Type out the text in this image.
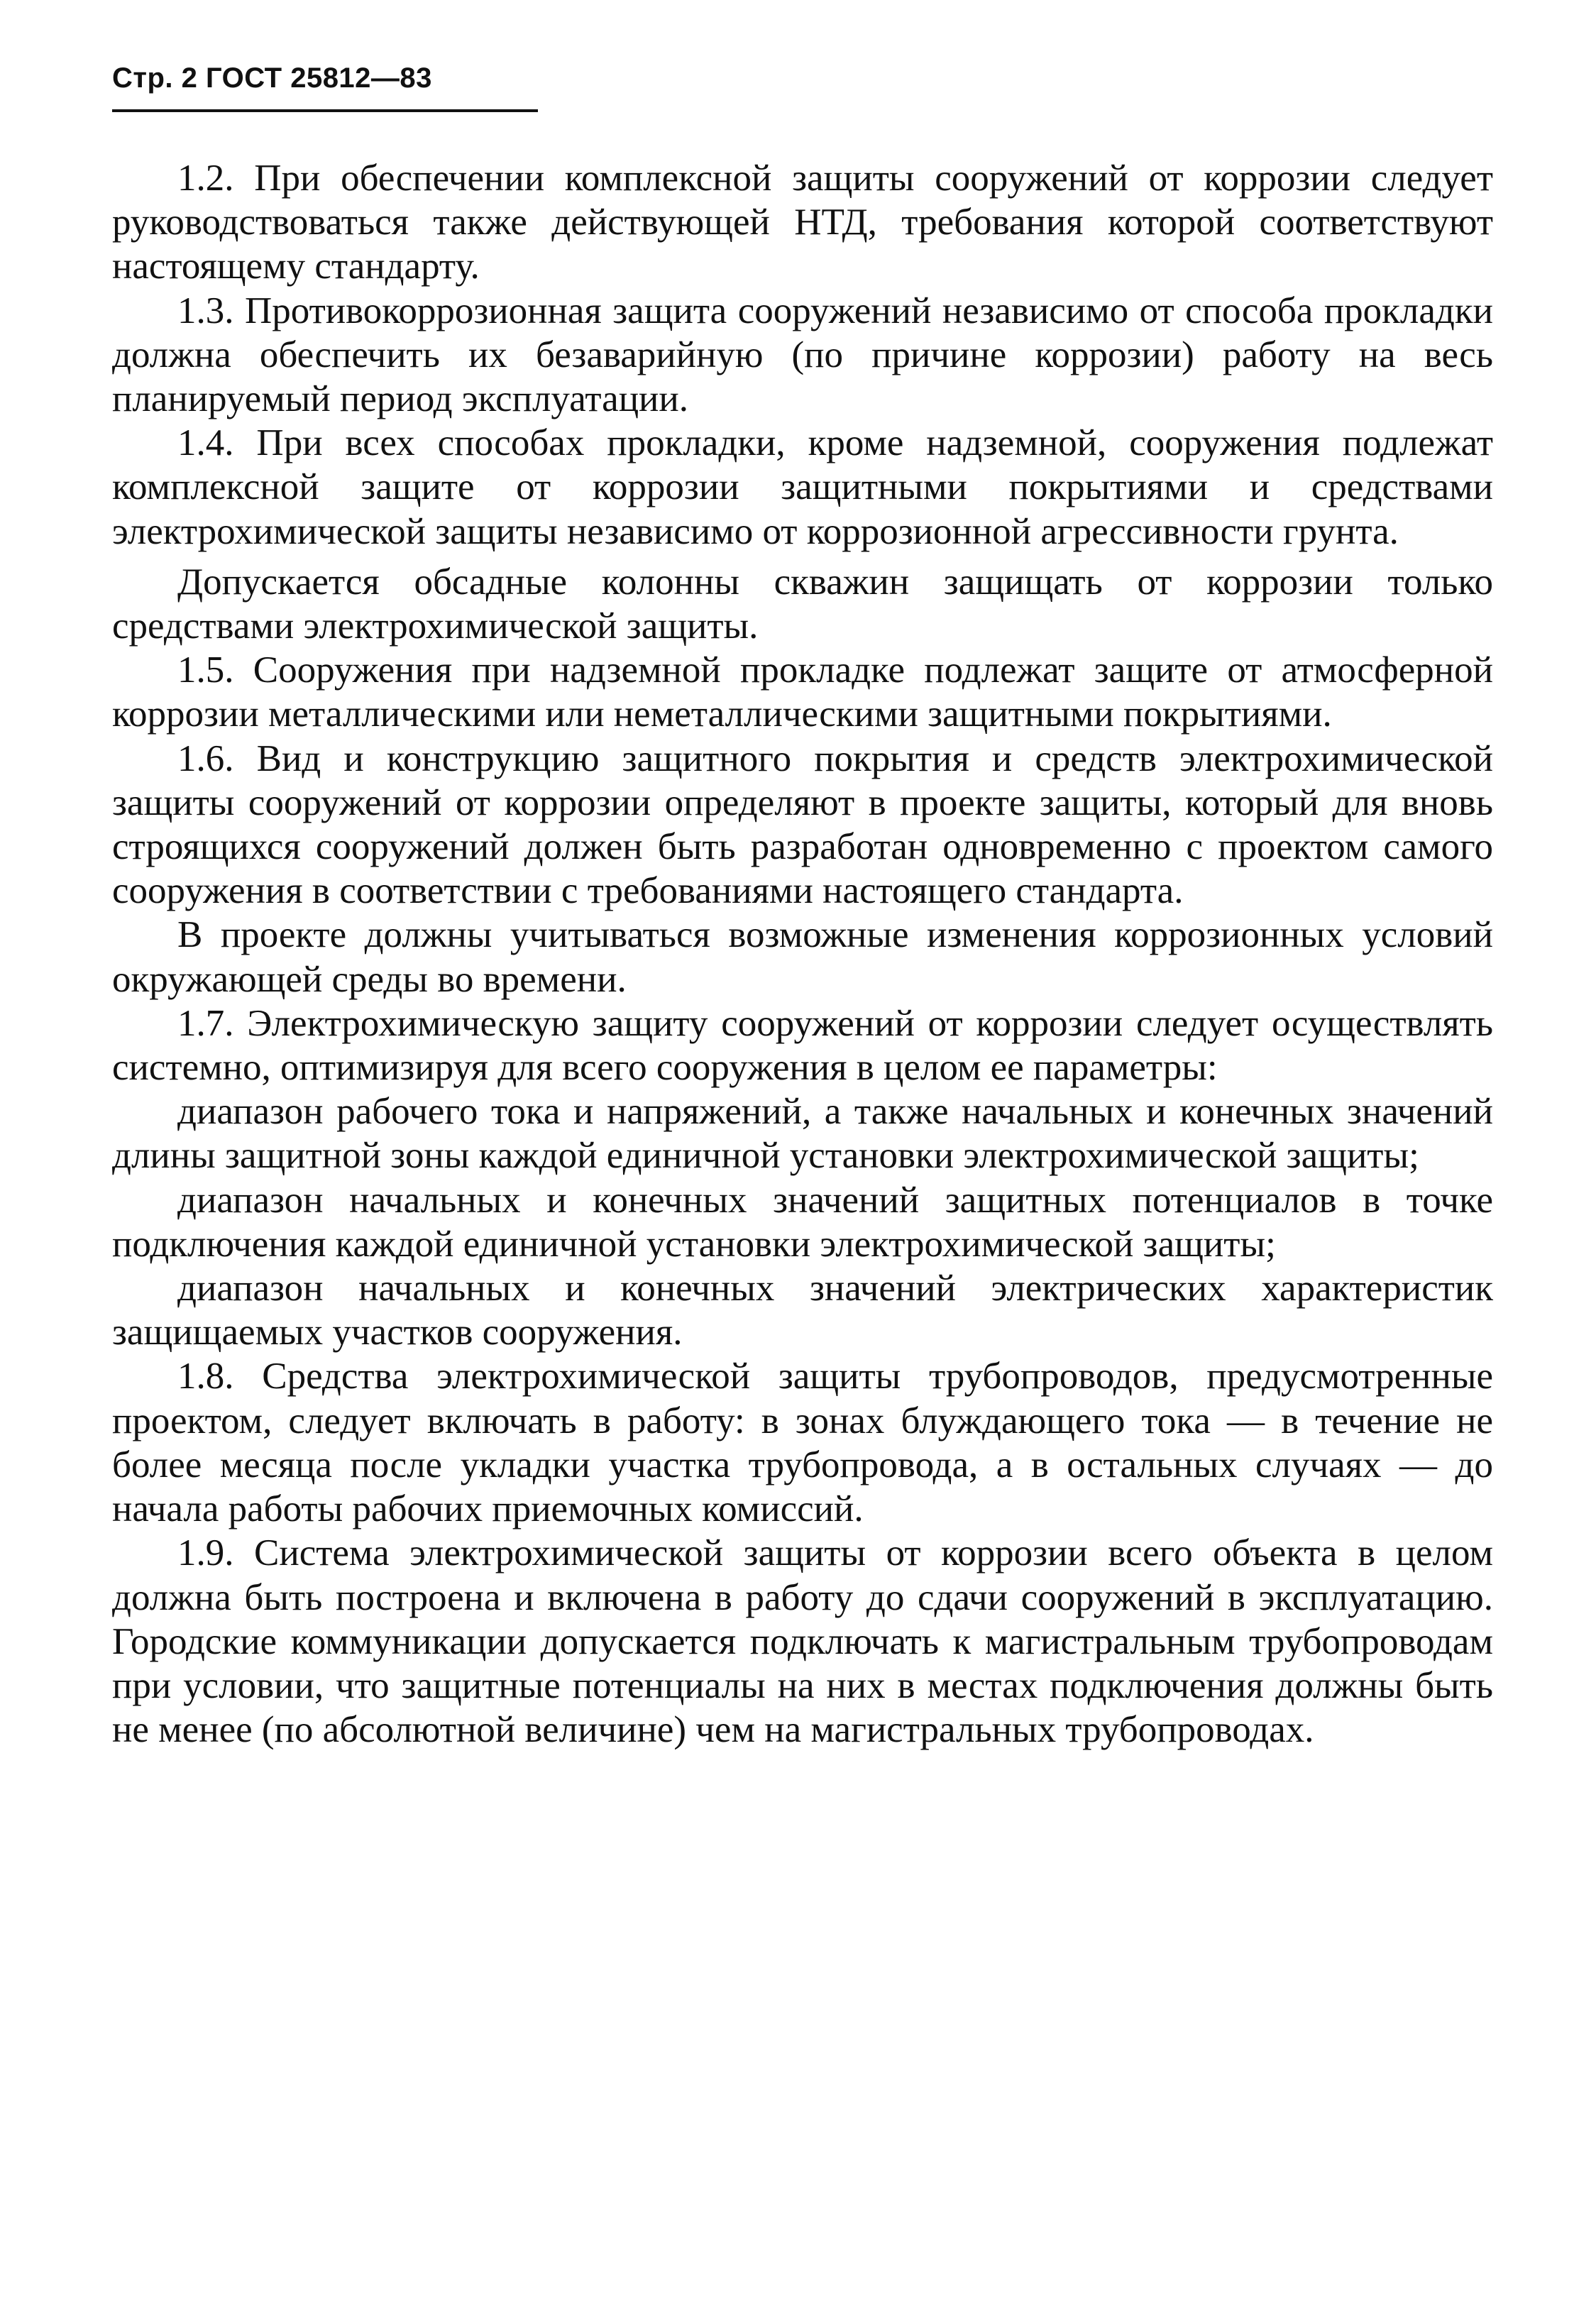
Стр. 2 ГОСТ 25812—83

1.2. При обеспечении комплексной защиты сооружений от коррозии следует руководствоваться также действующей НТД, требования которой соответствуют настоящему стандарту.

1.3. Противокоррозионная защита сооружений независимо от способа прокладки должна обеспечить их безаварийную (по причине коррозии) работу на весь планируемый период эксплуатации.

1.4. При всех способах прокладки, кроме надземной, сооружения подлежат комплексной защите от коррозии защитными покрытиями и средствами электрохимической защиты независимо от коррозионной агрессивности грунта.

Допускается обсадные колонны скважин защищать от коррозии только средствами электрохимической защиты.

1.5. Сооружения при надземной прокладке подлежат защите от атмосферной коррозии металлическими или неметаллическими защитными покрытиями.

1.6. Вид и конструкцию защитного покрытия и средств электрохимической защиты сооружений от коррозии определяют в проекте защиты, который для вновь строящихся сооружений должен быть разработан одновременно с проектом самого сооружения в соответствии с требованиями настоящего стандарта.

В проекте должны учитываться возможные изменения коррозионных условий окружающей среды во времени.

1.7. Электрохимическую защиту сооружений от коррозии следует осуществлять системно, оптимизируя для всего сооружения в целом ее параметры:

диапазон рабочего тока и напряжений, а также начальных и конечных значений длины защитной зоны каждой единичной установки электрохимической защиты;

диапазон начальных и конечных значений защитных потенциалов в точке подключения каждой единичной установки электрохимической защиты;

диапазон начальных и конечных значений электрических характеристик защищаемых участков сооружения.

1.8. Средства электрохимической защиты трубопроводов, предусмотренные проектом, следует включать в работу: в зонах блуждающего тока — в течение не более месяца после укладки участка трубопровода, а в остальных случаях — до начала работы рабочих приемочных комиссий.

1.9. Система электрохимической защиты от коррозии всего объекта в целом должна быть построена и включена в работу до сдачи сооружений в эксплуатацию. Городские коммуникации допускается подключать к магистральным трубопроводам при условии, что защитные потенциалы на них в местах подключения должны быть не менее (по абсолютной величине) чем на магистральных трубопроводах.
